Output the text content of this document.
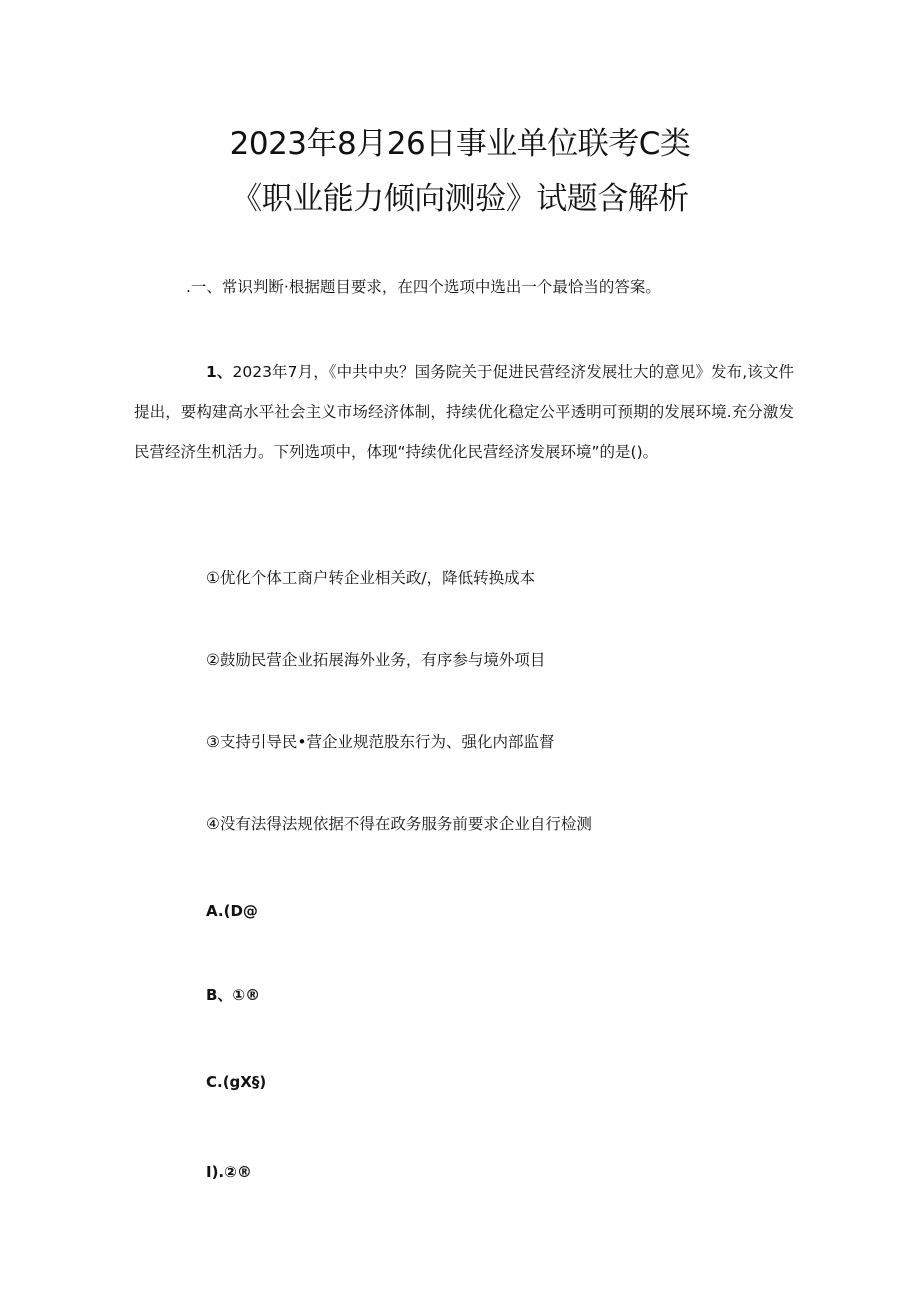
2023年8月26日事业单位联考C类
《职业能力倾向测验》试题含解析
.一、常识判断·根据题目要求，在四个选项中选出一个最恰当的答案。
1、2023年7月，《中共中央？国务院关于促进民营经济发展壮大的意见》发布,该文件提出，要构建高水平社会主义市场经济体制，持续优化稳定公平透明可预期的发展环境.充分激发民营经济生机活力。下列选项中，体现“持续优化民营经济发展环境”的是()。
①优化个体工商户转企业相关政/，降低转换成本
②鼓励民营企业拓展海外业务，有序参与境外项目
③支持引导民•营企业规范股东行为、强化内部监督
④没有法得法规依据不得在政务服务前要求企业自行检测
A.(D@
B、①®
C.(gX§)
I).②®
